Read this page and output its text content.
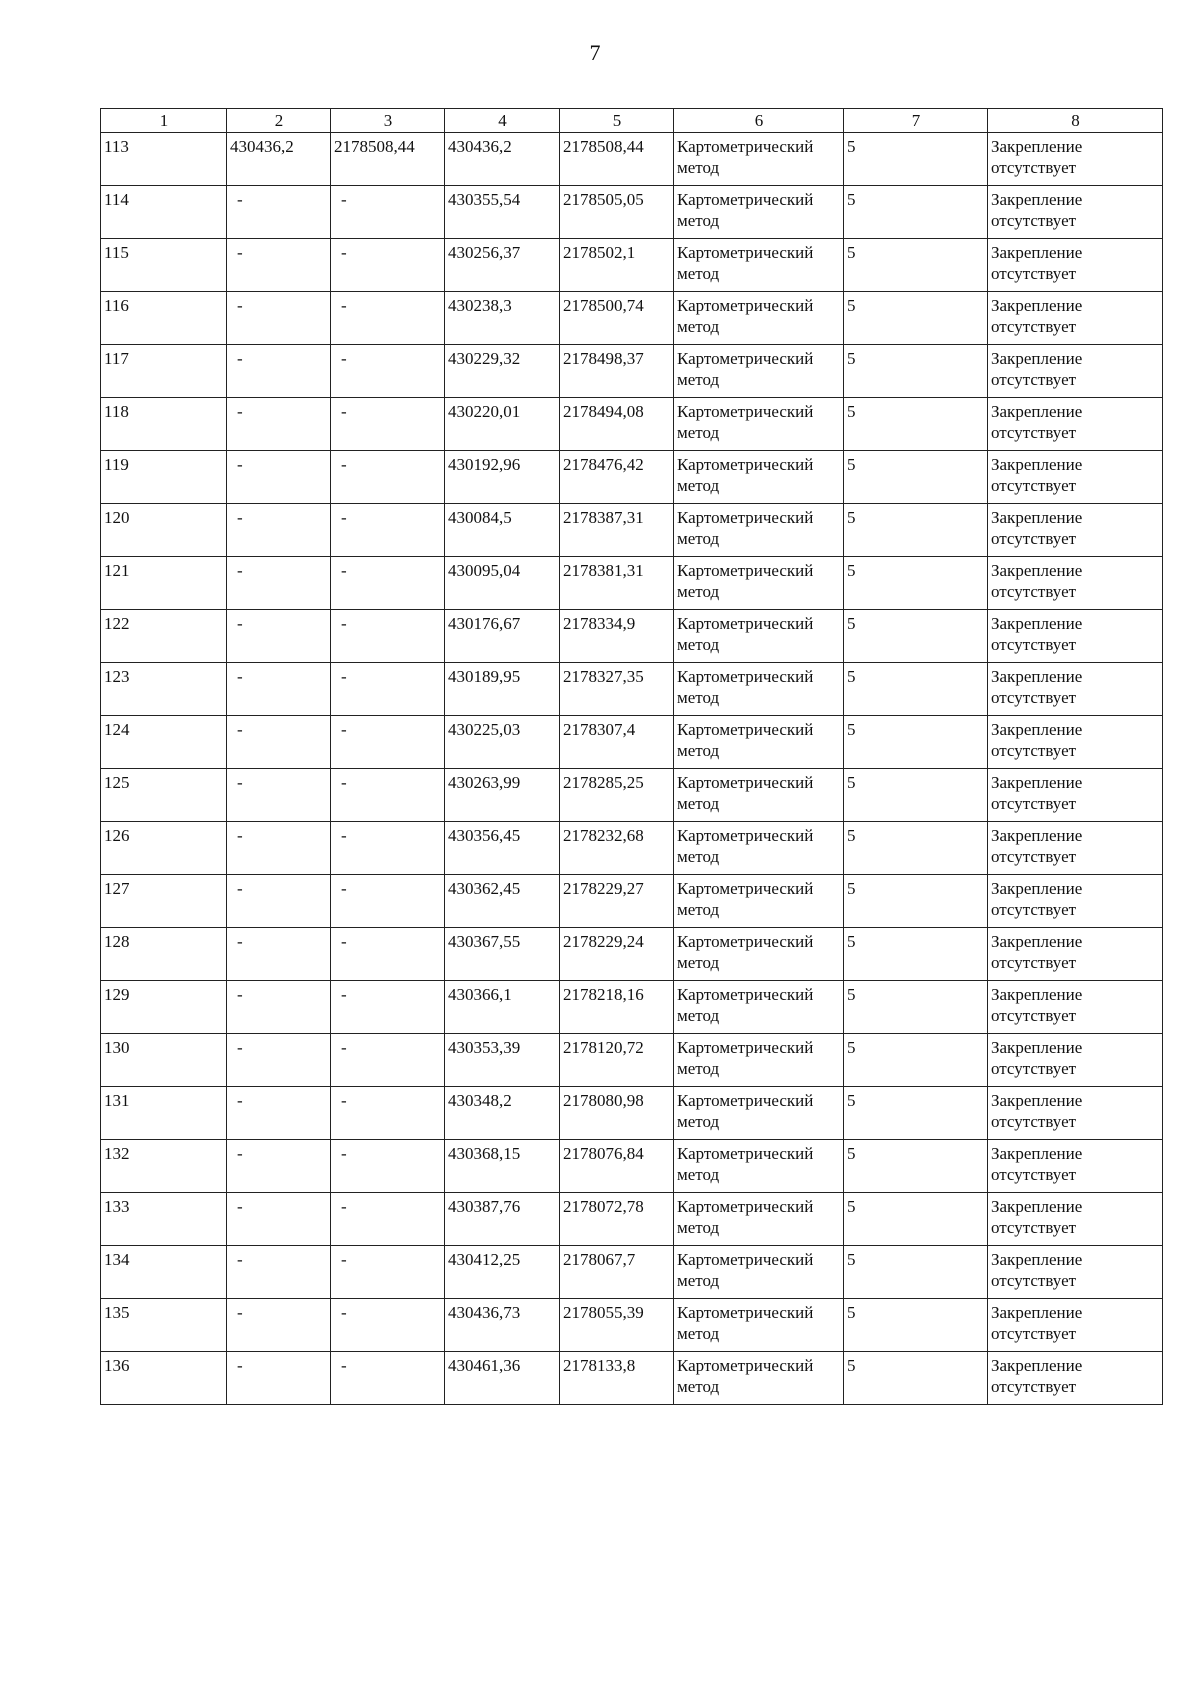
7
1	2	3	4	5	6	7	8
113	430436,2	2178508,44	430436,2	2178508,44	Картометрический метод	5	Закрепление отсутствует
114	-	-	430355,54	2178505,05	Картометрический метод	5	Закрепление отсутствует
115	-	-	430256,37	2178502,1	Картометрический метод	5	Закрепление отсутствует
116	-	-	430238,3	2178500,74	Картометрический метод	5	Закрепление отсутствует
117	-	-	430229,32	2178498,37	Картометрический метод	5	Закрепление отсутствует
118	-	-	430220,01	2178494,08	Картометрический метод	5	Закрепление отсутствует
119	-	-	430192,96	2178476,42	Картометрический метод	5	Закрепление отсутствует
120	-	-	430084,5	2178387,31	Картометрический метод	5	Закрепление отсутствует
121	-	-	430095,04	2178381,31	Картометрический метод	5	Закрепление отсутствует
122	-	-	430176,67	2178334,9	Картометрический метод	5	Закрепление отсутствует
123	-	-	430189,95	2178327,35	Картометрический метод	5	Закрепление отсутствует
124	-	-	430225,03	2178307,4	Картометрический метод	5	Закрепление отсутствует
125	-	-	430263,99	2178285,25	Картометрический метод	5	Закрепление отсутствует
126	-	-	430356,45	2178232,68	Картометрический метод	5	Закрепление отсутствует
127	-	-	430362,45	2178229,27	Картометрический метод	5	Закрепление отсутствует
128	-	-	430367,55	2178229,24	Картометрический метод	5	Закрепление отсутствует
129	-	-	430366,1	2178218,16	Картометрический метод	5	Закрепление отсутствует
130	-	-	430353,39	2178120,72	Картометрический метод	5	Закрепление отсутствует
131	-	-	430348,2	2178080,98	Картометрический метод	5	Закрепление отсутствует
132	-	-	430368,15	2178076,84	Картометрический метод	5	Закрепление отсутствует
133	-	-	430387,76	2178072,78	Картометрический метод	5	Закрепление отсутствует
134	-	-	430412,25	2178067,7	Картометрический метод	5	Закрепление отсутствует
135	-	-	430436,73	2178055,39	Картометрический метод	5	Закрепление отсутствует
136	-	-	430461,36	2178133,8	Картометрический метод	5	Закрепление отсутствует
